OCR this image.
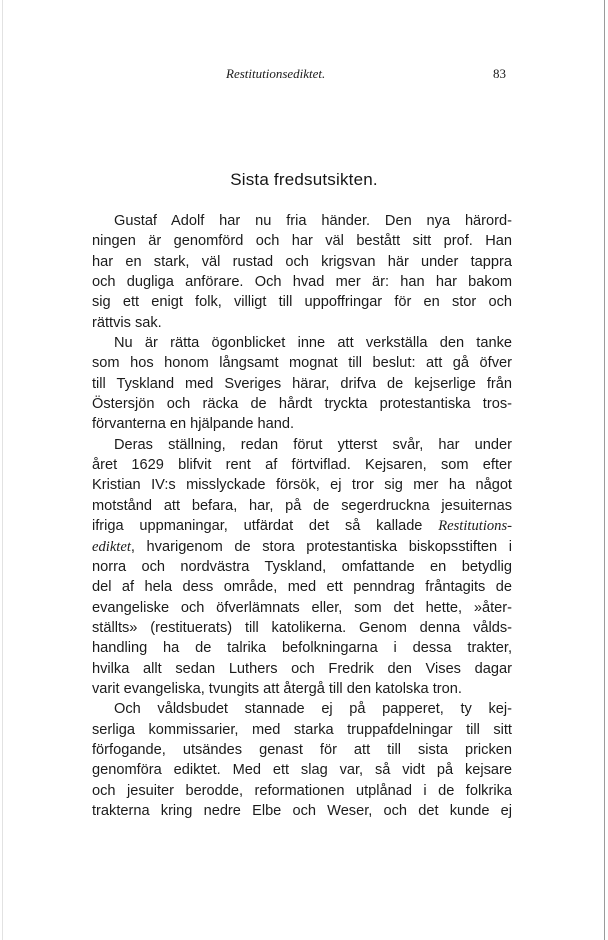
Restitutionsediktet.	83
Sista fredsutsikten.

Gustaf Adolf har nu fria händer. Den nya härord-
ningen är genomförd och har väl bestått sitt prof. Han
har en stark, väl rustad och krigsvan här under tappra
och dugliga anförare. Och hvad mer är: han har bakom
sig ett enigt folk, villigt till uppoffringar för en stor och
rättvis sak.

Nu är rätta ögonblicket inne att verkställa den tanke
som hos honom långsamt mognat till beslut: att gå öfver
till Tyskland med Sveriges härar, drifva de kejserlige från
Östersjön och räcka de hårdt tryckta protestantiska tros-
förvanterna en hjälpande hand.

Deras ställning, redan förut ytterst svår, har under
året 1629 blifvit rent af förtviflad. Kejsaren, som efter
Kristian IV:s misslyckade försök, ej tror sig mer ha något
motstånd att befara, har, på de segerdruckna jesuiternas
ifriga uppmaningar, utfärdat det så kallade Restitutions-
ediktet, hvarigenom de stora protestantiska biskopsstiften i
norra och nordvästra Tyskland, omfattande en betydlig
del af hela dess område, med ett penndrag fråntagits de
evangeliske och öfverlämnats eller, som det hette, »åter-
ställts» (restituerats) till katolikerna. Genom denna vålds-
handling ha de talrika befolkningarna i dessa trakter,
hvilka allt sedan Luthers och Fredrik den Vises dagar
varit evangeliska, tvungits att återgå till den katolska tron.

Och våldsbudet stannade ej på papperet, ty kej-
serliga kommissarier, med starka truppafdelningar till sitt
förfogande, utsändes genast för att till sista pricken
genomföra ediktet. Med ett slag var, så vidt på kejsare
och jesuiter berodde, reformationen utplånad i de folkrika
trakterna kring nedre Elbe och Weser, och det kunde ej
